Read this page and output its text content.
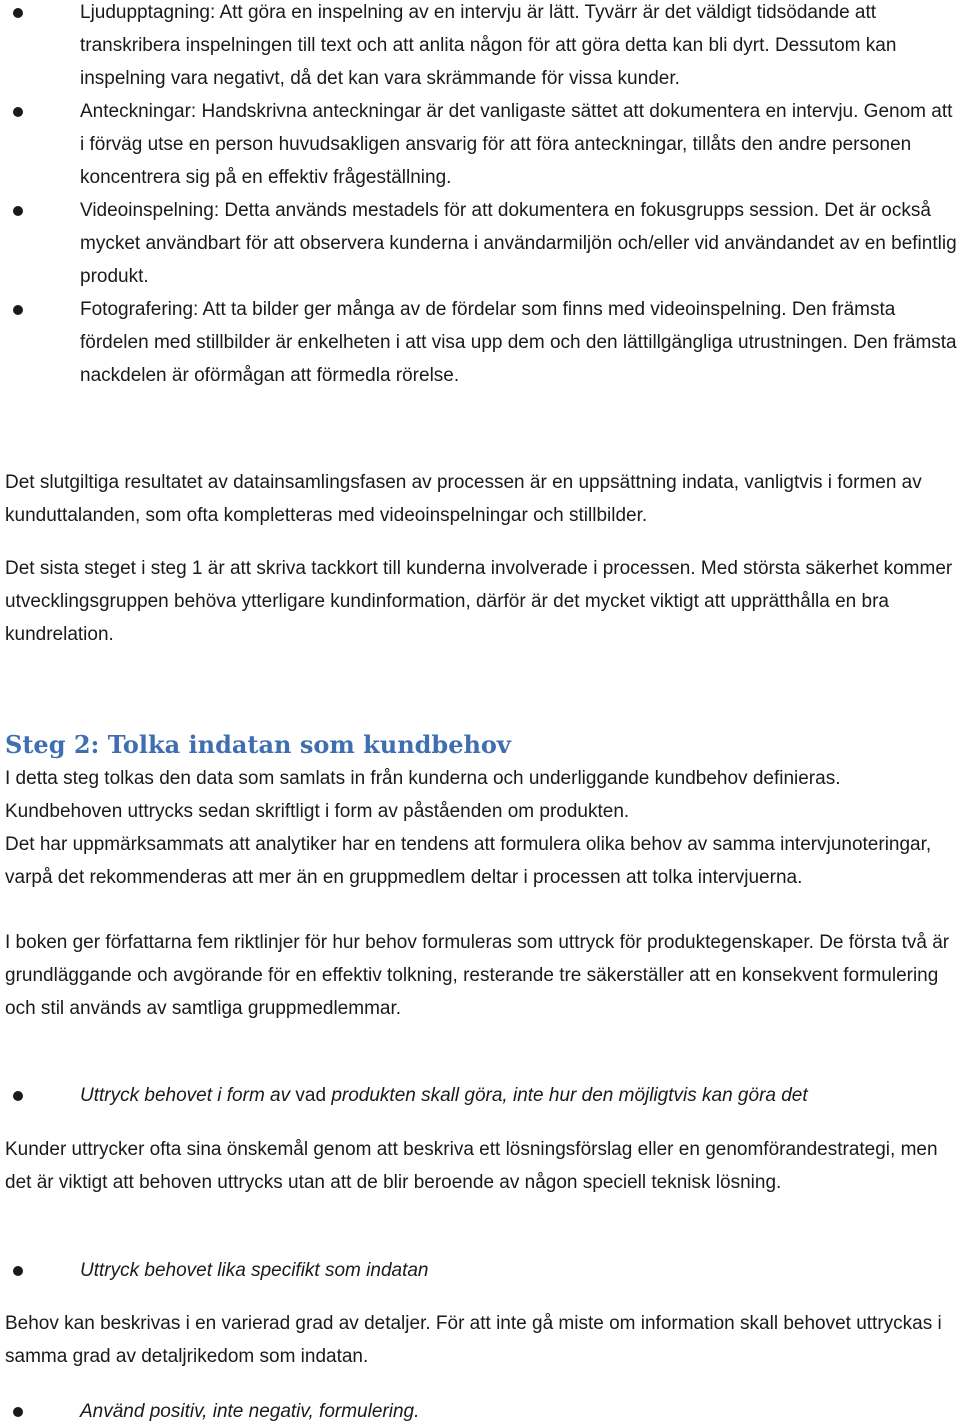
Ljudupptagning: Att göra en inspelning av en intervju är lätt. Tyvärr är det väldigt tidsödande att transkribera inspelningen till text och att anlita någon för att göra detta kan bli dyrt. Dessutom kan inspelning vara negativt, då det kan vara skrämmande för vissa kunder.
Anteckningar: Handskrivna anteckningar är det vanligaste sättet att dokumentera en intervju. Genom att i förväg utse en person huvudsakligen ansvarig för att föra anteckningar, tillåts den andre personen koncentrera sig på en effektiv frågeställning.
Videoinspelning: Detta används mestadels för att dokumentera en fokusgrupps session. Det är också mycket användbart för att observera kunderna i användarmiljön och/eller vid användandet av en befintlig produkt.
Fotografering: Att ta bilder ger många av de fördelar som finns med videoinspelning. Den främsta fördelen med stillbilder är enkelheten i att visa upp dem och den lättillgängliga utrustningen. Den främsta nackdelen är oförmågan att förmedla rörelse.

Det slutgiltiga resultatet av datainsamlingsfasen av processen är en uppsättning indata, vanligtvis i formen av kunduttalanden, som ofta kompletteras med videoinspelningar och stillbilder.

Det sista steget i steg 1 är att skriva tackkort till kunderna involverade i processen. Med största säkerhet kommer utvecklingsgruppen behöva ytterligare kundinformation, därför är det mycket viktigt att upprätthålla en bra kundrelation.

Steg 2: Tolka indatan som kundbehov

I detta steg tolkas den data som samlats in från kunderna och underliggande kundbehov definieras. Kundbehoven uttrycks sedan skriftligt i form av påståenden om produkten.

Det har uppmärksammats att analytiker har en tendens att formulera olika behov av samma intervjunoteringar, varpå det rekommenderas att mer än en gruppmedlem deltar i processen att tolka intervjuerna.

I boken ger författarna fem riktlinjer för hur behov formuleras som uttryck för produktegenskaper. De första två är grundläggande och avgörande för en effektiv tolkning, resterande tre säkerställer att en konsekvent formulering och stil används av samtliga gruppmedlemmar.

Uttryck behovet i form av vad produkten skall göra, inte hur den möjligtvis kan göra det

Kunder uttrycker ofta sina önskemål genom att beskriva ett lösningsförslag eller en genomförandestrategi, men det är viktigt att behoven uttrycks utan att de blir beroende av någon speciell teknisk lösning.

Uttryck behovet lika specifikt som indatan

Behov kan beskrivas i en varierad grad av detaljer. För att inte gå miste om information skall behovet uttryckas i samma grad av detaljrikedom som indatan.

Använd positiv, inte negativ, formulering.
